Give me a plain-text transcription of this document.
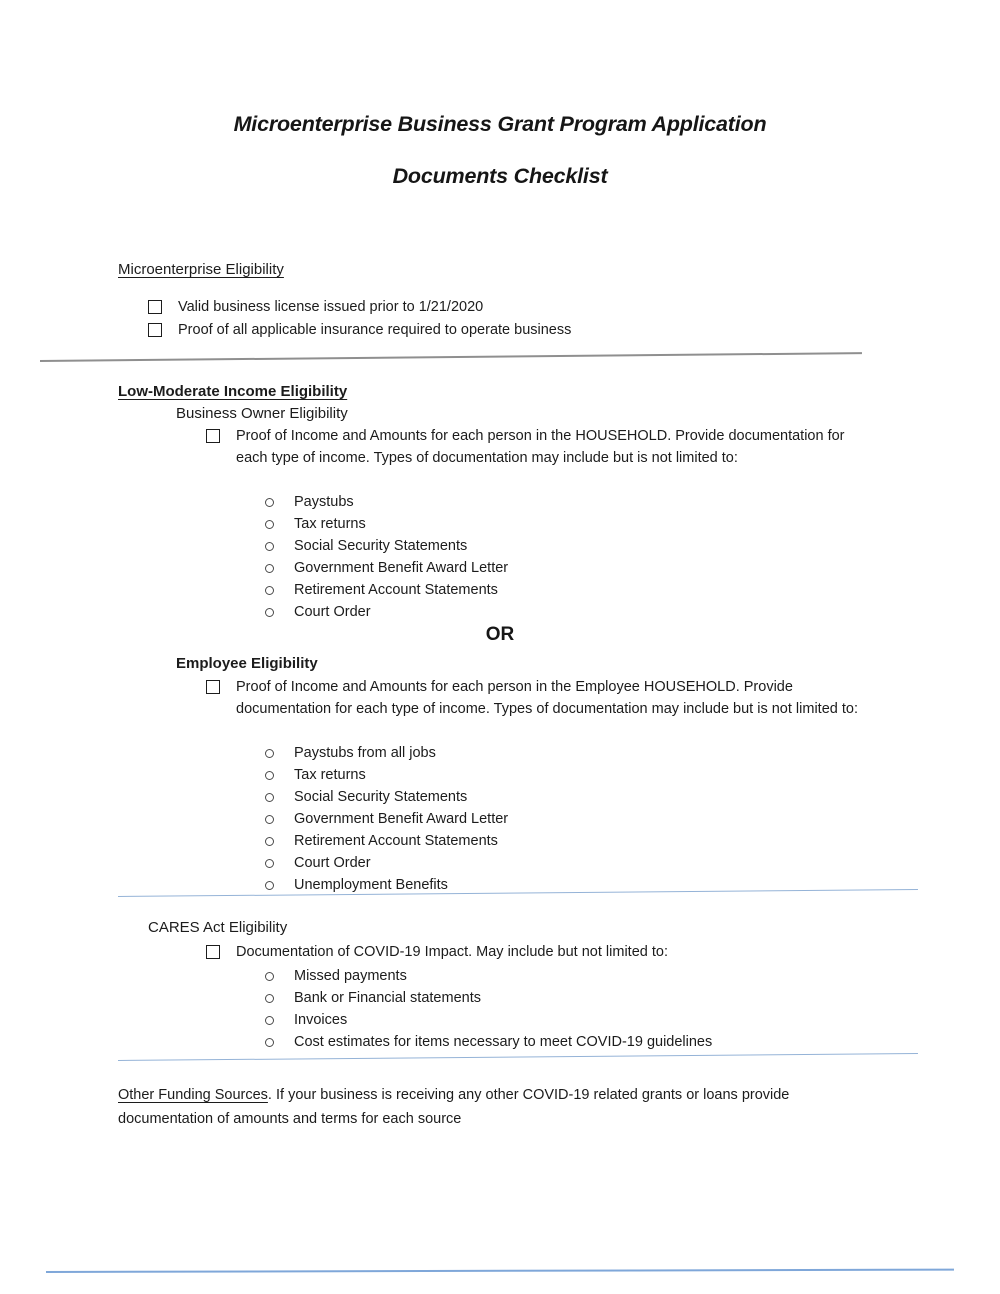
Microenterprise Business Grant Program Application
Documents Checklist
Microenterprise Eligibility
Valid business license issued prior to 1/21/2020
Proof of all applicable insurance required to operate business
Low-Moderate Income Eligibility
Business Owner Eligibility
Proof of Income and Amounts for each person in the HOUSEHOLD. Provide documentation for each type of income. Types of documentation may include but is not limited to:
Paystubs
Tax returns
Social Security Statements
Government Benefit Award Letter
Retirement Account Statements
Court Order
OR
Employee Eligibility
Proof of Income and Amounts for each person in the Employee HOUSEHOLD. Provide documentation for each type of income. Types of documentation may include but is not limited to:
Paystubs from all jobs
Tax returns
Social Security Statements
Government Benefit Award Letter
Retirement Account Statements
Court Order
Unemployment Benefits
CARES Act Eligibility
Documentation of COVID-19 Impact. May include but not limited to:
Missed payments
Bank or Financial statements
Invoices
Cost estimates for items necessary to meet COVID-19 guidelines
Other Funding Sources. If your business is receiving any other COVID-19 related grants or loans provide documentation of amounts and terms for each source
